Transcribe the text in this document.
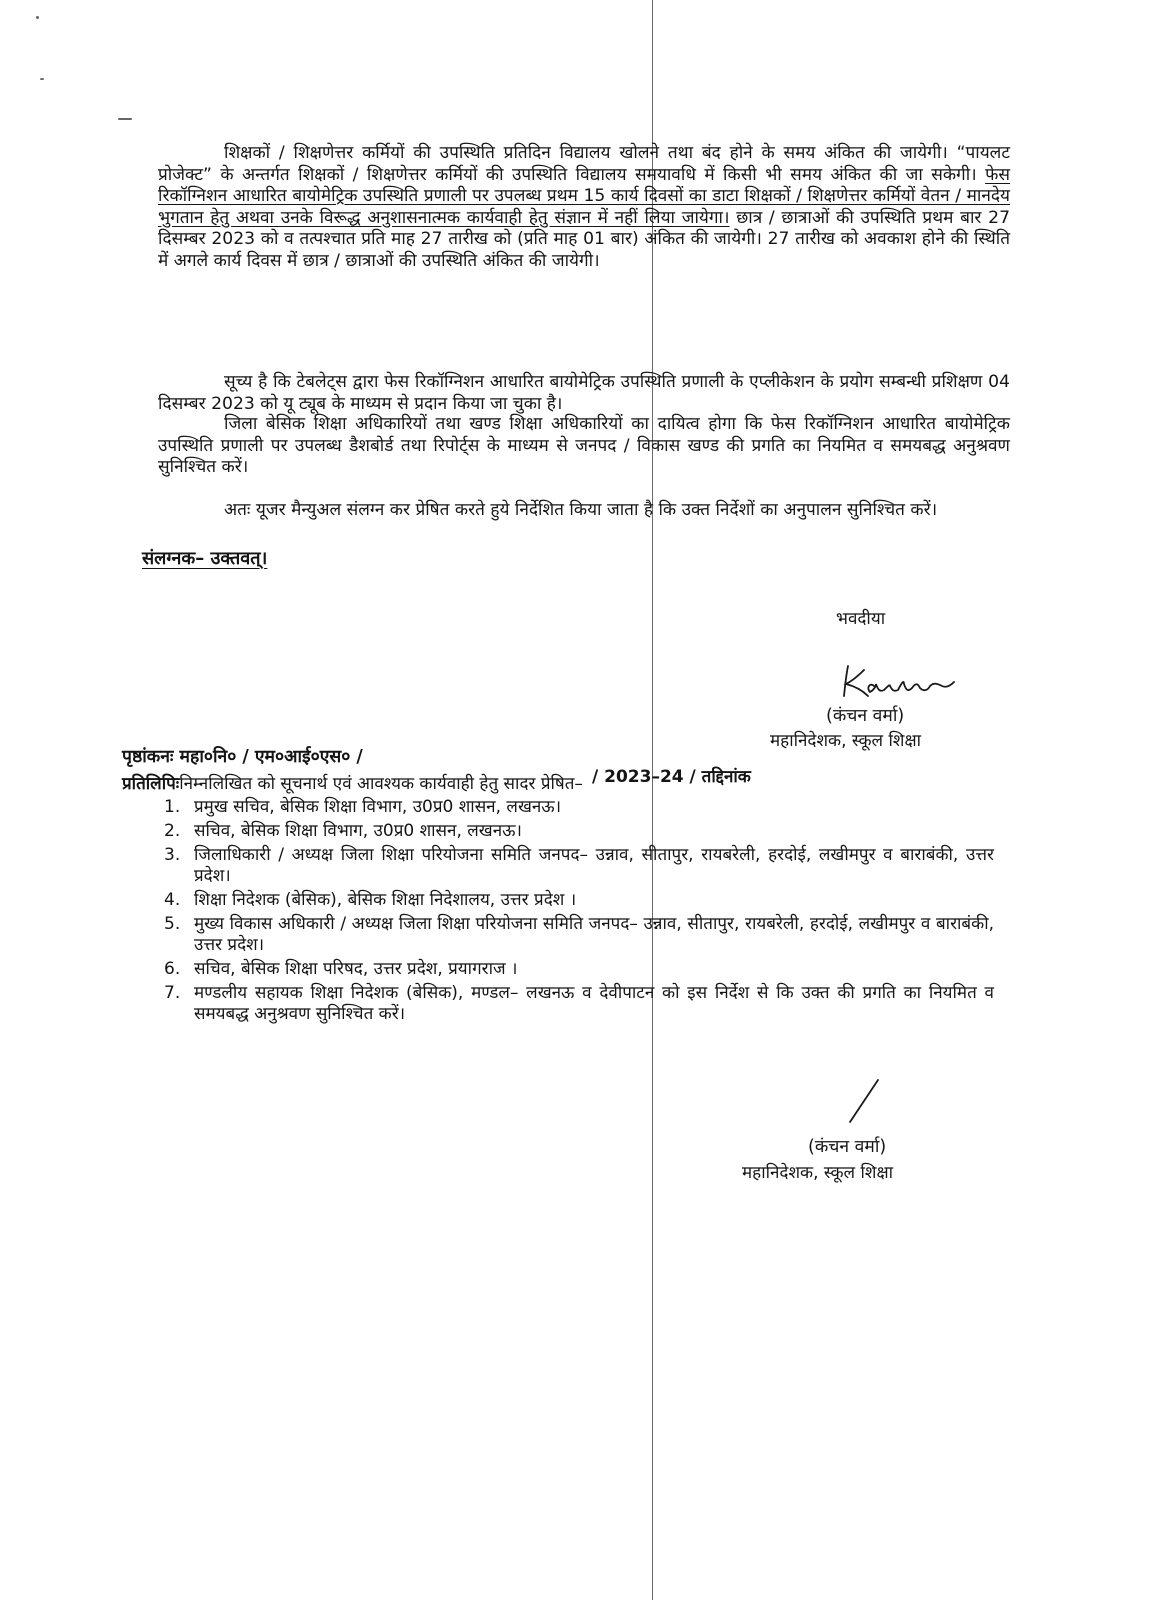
शिक्षकों / शिक्षणेत्तर कर्मियों की उपस्थिति प्रतिदिन विद्यालय खोलने तथा बंद होने के समय अंकित की जायेगी। “पायलट प्रोजेक्ट” के अन्तर्गत शिक्षकों / शिक्षणेत्तर कर्मियों की उपस्थिति विद्यालय समयावधि में किसी भी समय अंकित की जा सकेगी। फेस रिकॉग्निशन आधारित बायोमेट्रिक उपस्थिति प्रणाली पर उपलब्ध प्रथम 15 कार्य दिवसों का डाटा शिक्षकों / शिक्षणेत्तर कर्मियों वेतन / मानदेय भुगतान हेतु अथवा उनके विरूद्ध अनुशासनात्मक कार्यवाही हेतु संज्ञान में नहीं लिया जायेगा। छात्र / छात्राओं की उपस्थिति प्रथम बार 27 दिसम्बर 2023 को व तत्पश्चात प्रति माह 27 तारीख को (प्रति माह 01 बार) अंकित की जायेगी। 27 तारीख को अवकाश होने की स्थिति में अगले कार्य दिवस में छात्र / छात्राओं की उपस्थिति अंकित की जायेगी।

सूच्य है कि टेबलेट्स द्वारा फेस रिकॉग्निशन आधारित बायोमेट्रिक उपस्थिति प्रणाली के एप्लीकेशन के प्रयोग सम्बन्धी प्रशिक्षण 04 दिसम्बर 2023 को यू ट्यूब के माध्यम से प्रदान किया जा चुका है।

जिला बेसिक शिक्षा अधिकारियों तथा खण्ड शिक्षा अधिकारियों का दायित्व होगा कि फेस रिकॉग्निशन आधारित बायोमेट्रिक उपस्थिति प्रणाली पर उपलब्ध डैशबोर्ड तथा रिपोर्ट्स के माध्यम से जनपद / विकास खण्ड की प्रगति का नियमित व समयबद्ध अनुश्रवण सुनिश्चित करें।

अतः यूजर मैन्युअल संलग्न कर प्रेषित करते हुये निर्देशित किया जाता है कि उक्त निर्देशों का अनुपालन सुनिश्चित करें।

संलग्नक– उक्तवत्।

भवदीया

(कंचन वर्मा)

महानिदेशक, स्कूल शिक्षा

पृष्ठांकनः महा०नि० / एम०आई०एस० /

/ 2023–24 / तद्दिनांक

प्रतिलिपिःनिम्नलिखित को सूचनार्थ एवं आवश्यक कार्यवाही हेतु सादर प्रेषित–

1. प्रमुख सचिव, बेसिक शिक्षा विभाग, उ0प्र0 शासन, लखनऊ।
2. सचिव, बेसिक शिक्षा विभाग, उ0प्र0 शासन, लखनऊ।
3. जिलाधिकारी / अध्यक्ष जिला शिक्षा परियोजना समिति जनपद– उन्नाव, सीतापुर, रायबरेली, हरदोई, लखीमपुर व बाराबंकी, उत्तर प्रदेश।
4. शिक्षा निदेशक (बेसिक), बेसिक शिक्षा निदेशालय, उत्तर प्रदेश ।
5. मुख्य विकास अधिकारी / अध्यक्ष जिला शिक्षा परियोजना समिति जनपद– उन्नाव, सीतापुर, रायबरेली, हरदोई, लखीमपुर व बाराबंकी, उत्तर प्रदेश।
6. सचिव, बेसिक शिक्षा परिषद, उत्तर प्रदेश, प्रयागराज ।
7. मण्डलीय सहायक शिक्षा निदेशक (बेसिक), मण्डल– लखनऊ व देवीपाटन को इस निर्देश से कि उक्त की प्रगति का नियमित व समयबद्ध अनुश्रवण सुनिश्चित करें।

(कंचन वर्मा)

महानिदेशक, स्कूल शिक्षा
